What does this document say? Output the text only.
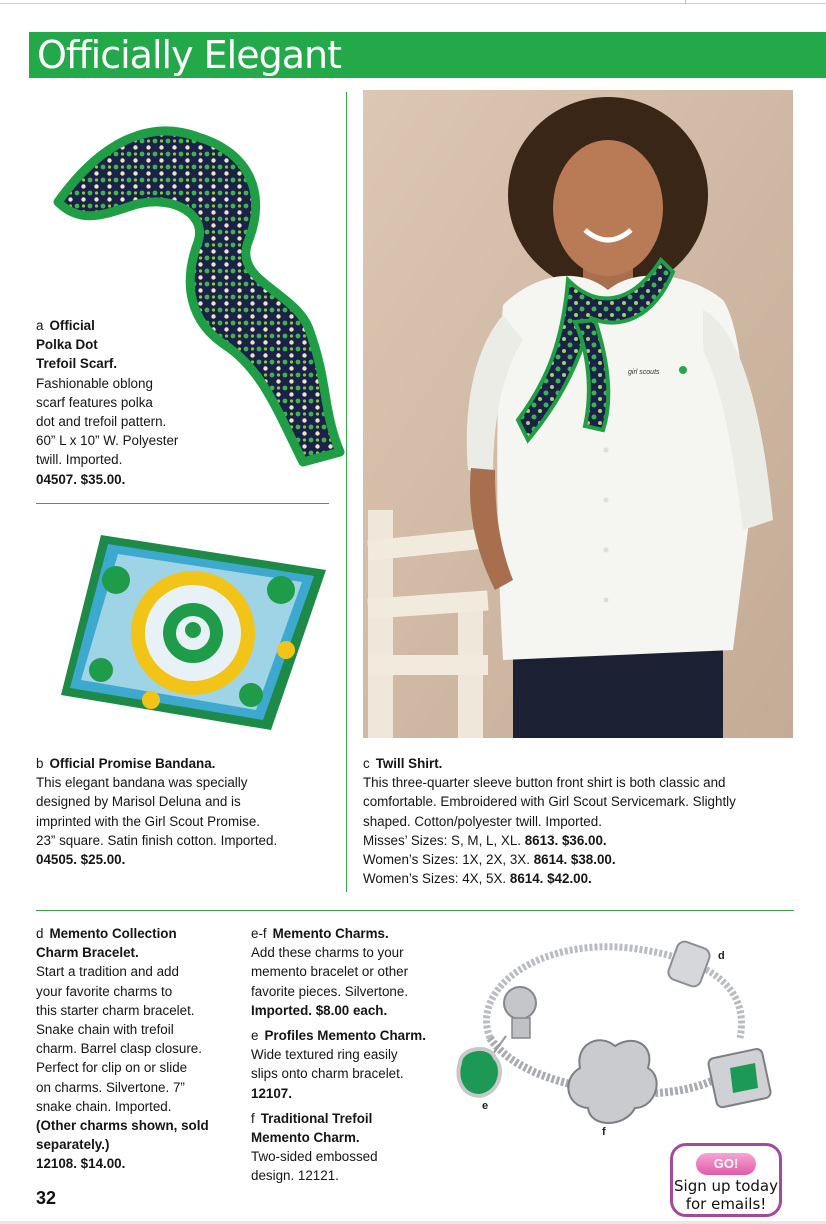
Officially Elegant
a Official
Polka Dot
Trefoil Scarf.
Fashionable oblong
scarf features polka
dot and trefoil pattern.
60” L x 10” W. Polyester
twill. Imported.
04507. $35.00.
b Official Promise Bandana.
This elegant bandana was specially
designed by Marisol Deluna and is
imprinted with the Girl Scout Promise.
23” square. Satin finish cotton. Imported.
04505. $25.00.
girl scouts
c Twill Shirt.
This three-quarter sleeve button front shirt is both classic and
comfortable. Embroidered with Girl Scout Servicemark. Slightly
shaped. Cotton/polyester twill. Imported.
Misses’ Sizes: S, M, L, XL. 8613. $36.00.
Women’s Sizes: 1X, 2X, 3X. 8614. $38.00.
Women’s Sizes: 4X, 5X. 8614. $42.00.
d Memento Collection
Charm Bracelet.
Start a tradition and add
your favorite charms to
this starter charm bracelet.
Snake chain with trefoil
charm. Barrel clasp closure.
Perfect for clip on or slide
on charms. Silvertone. 7”
snake chain. Imported.
(Other charms shown, sold
separately.)
12108. $14.00.
e-f Memento Charms.
Add these charms to your
memento bracelet or other
favorite pieces. Silvertone.
Imported. $8.00 each.
e Profiles Memento Charm.
Wide textured ring easily
slips onto charm bracelet.
12107.
f Traditional Trefoil
Memento Charm.
Two-sided embossed
design. 12121.
d
e
f
GO!
Sign up today
for emails!
32
